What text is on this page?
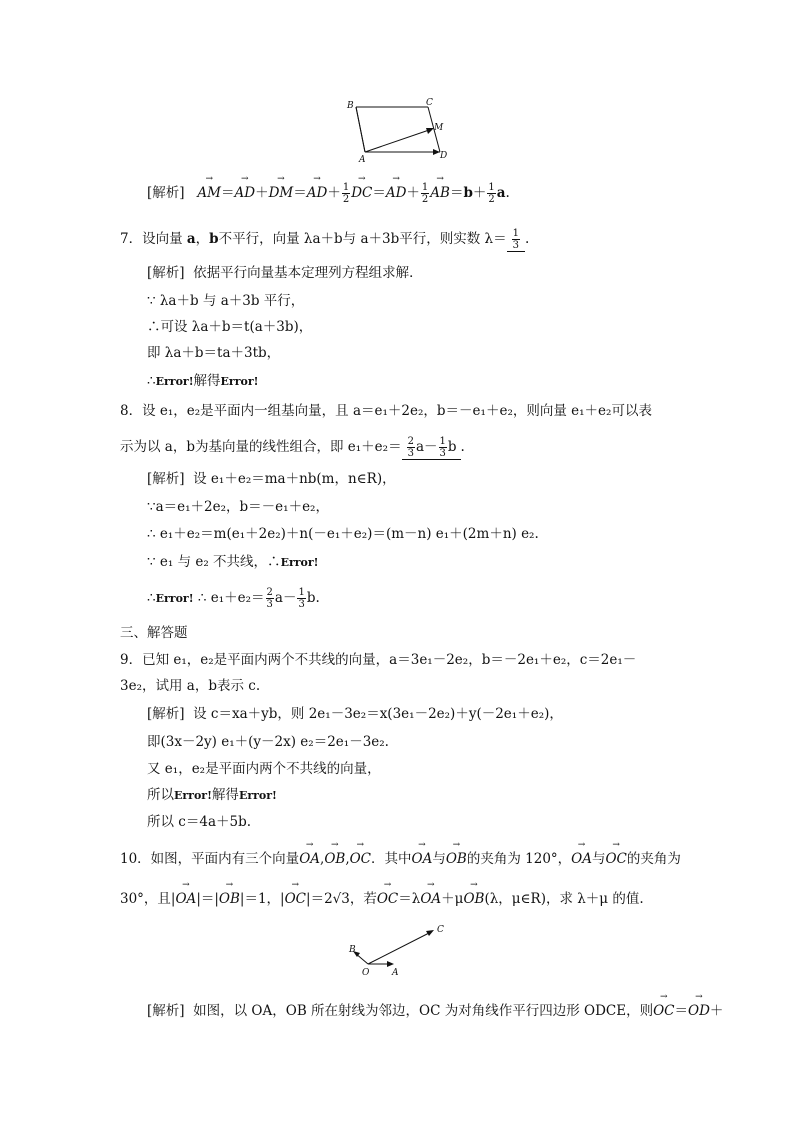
B	C
M
A	D
[解析]   → $AM=\to AD+\to DM=\to AD+ \frac{1}{2}$
→ $DC=\to AD+ \frac{1}{2}$
→ $AB=b+ \frac{1}{2} a$.
7．设向量 a，b不平行，向量 λa＋b与 a＋3b平行，则实数 $\lambda= \frac{1}{3}$ .
[解析] 依据平行向量基本定理列方程组求解．
∵ λa＋b 与 a＋3b 平行，
∴可设 λa＋b＝t(a＋3b)，
即 λa＋b＝ta＋3tb，
∴Error!解得Error!
8．设 e₁，e₂是平面内一组基向量，且 a＝e₁＋2e₂，b＝－e₁＋e₂，则向量 e₁＋e₂可以表
示为以 a，b为基向量的线性组合，即 $e_1+e_2= \frac{2}{3} a- \frac{1}{3}$ b .
[解析] 设 e₁＋e₂＝ma＋nb(m，n∈R)，
∵a＝e₁＋2e₂，b＝－e₁＋e₂，
∴ e₁＋e₂＝m(e₁＋2e₂)＋n(－e₁＋e₂)＝(m－n) e₁＋(2m＋n) e₂.
∵ e₁ 与 e₂ 不共线，∴Error!
∴Error! ∴ $e_1+e_2= \frac{2}{3} a- \frac{1}{3} b$.
三、解答题
9．已知 e₁，e₂是平面内两个不共线的向量，a＝3e₁－2e₂，b＝－2e₁＋e₂，c＝2e₁－
3e₂，试用 a，b表示 c.
[解析] 设 c＝xa＋yb，则 2e₁－3e₂＝x(3e₁－2e₂)＋y(－2e₁＋e₂)，
即(3x－2y) e₁＋(y－2x) e₂＝2e₁－3e₂.
又 e₁，e₂是平面内两个不共线的向量，
所以Error!解得Error!
所以 c＝4a＋5b.
10．如图，平面内有三个向量→ OA,→ OB,→ OC．其中→ OA与→ OB的夹角为 120°，→ OA与→ OC的夹角为
30°，且|→ OA|＝|→ OB|＝1，|→ OC|＝2√3，若→ OC＝λ→ OA＋μ→ OB(λ，μ∈R)，求 λ＋μ 的值.
B
C
O	A
[解析] 如图，以 OA，OB 所在射线为邻边，OC 为对角线作平行四边形 ODCE，则→ OC＝→ OD＋
